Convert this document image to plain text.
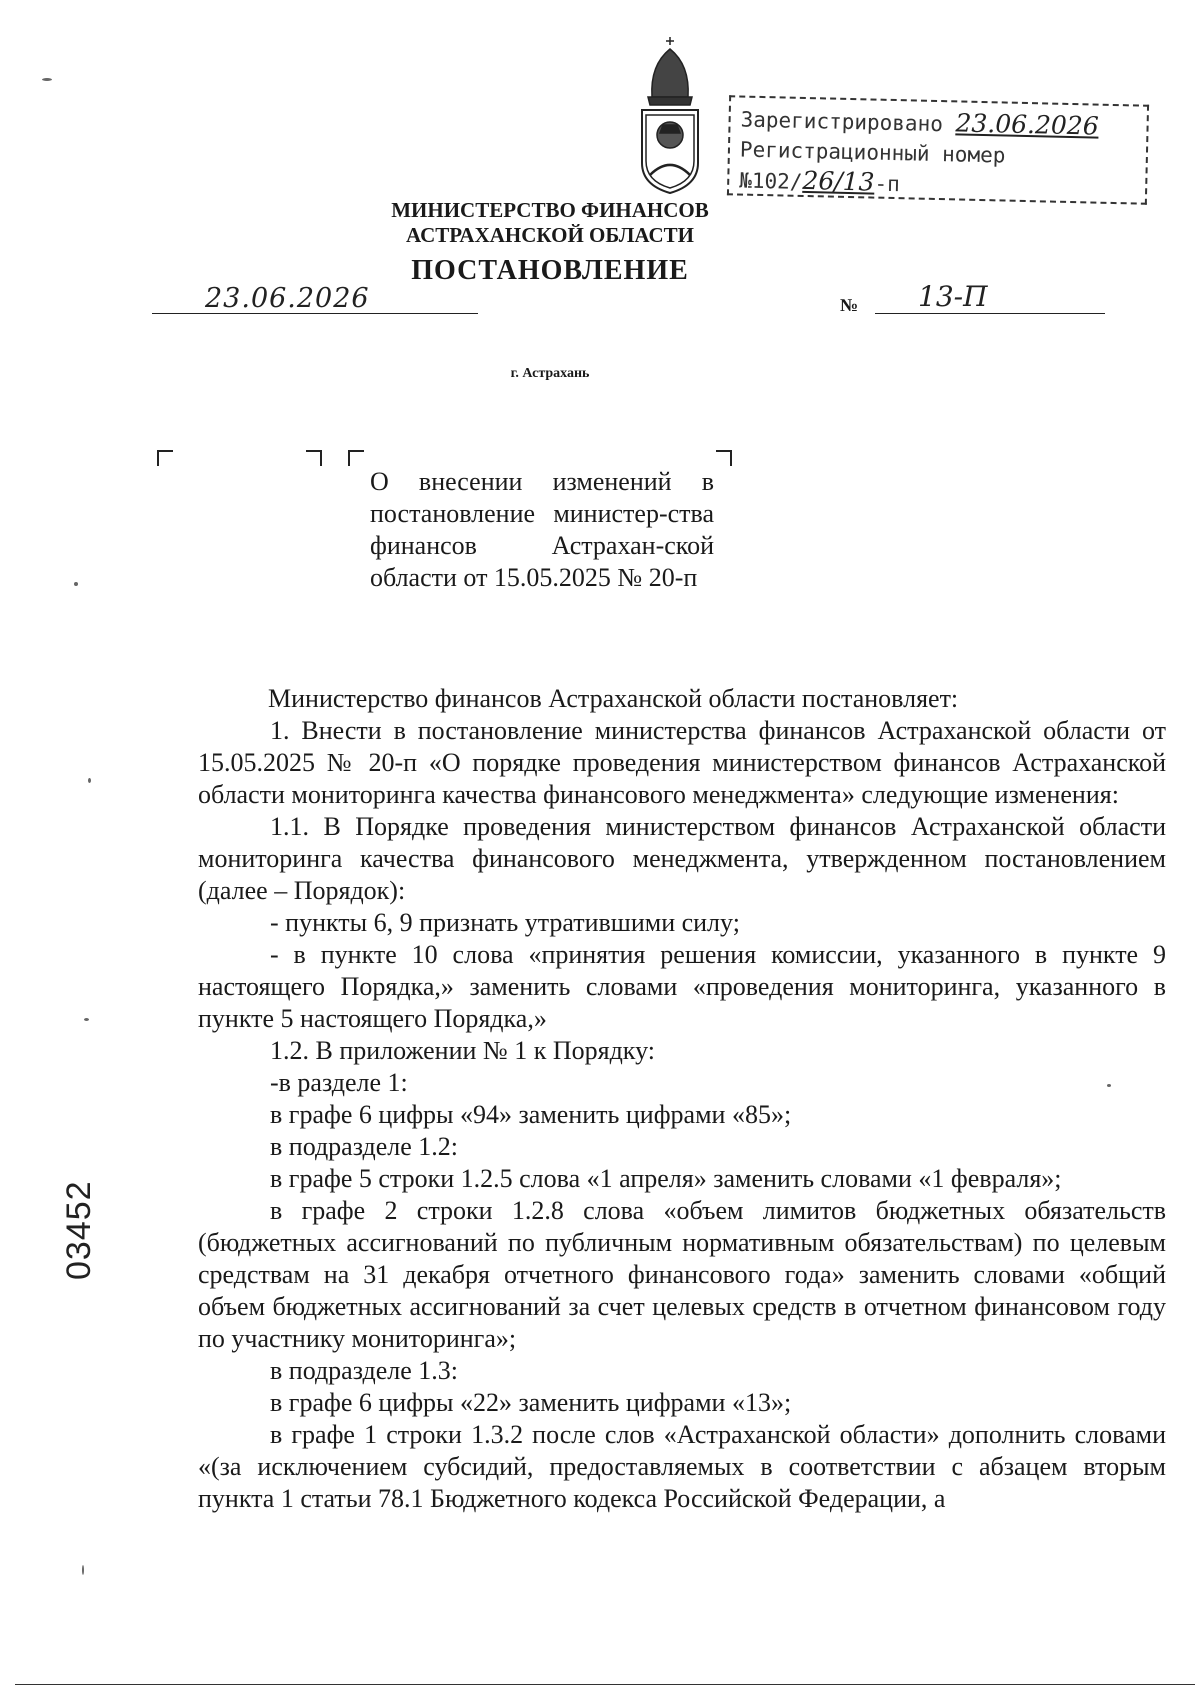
Зарегистрировано 23.06.2026
Регистрационный номер №102/26/13-п
МИНИСТЕРСТВО ФИНАНСОВ
АСТРАХАНСКОЙ ОБЛАСТИ
ПОСТАНОВЛЕНИЕ
23.06.2026	№ 13-П
г. Астрахань
О внесении изменений в постановление министер-ства финансов Астрахан-ской области от 15.05.2025 № 20-п

Министерство финансов Астраханской области постановляет:

1. Внести в постановление министерства финансов Астраханской области от 15.05.2025 № 20-п «О порядке проведения министерством финансов Астраханской области мониторинга качества финансового менеджмента» следующие изменения:

1.1. В Порядке проведения министерством финансов Астраханской области мониторинга качества финансового менеджмента, утвержденном постановлением (далее – Порядок):

- пункты 6, 9 признать утратившими силу;

- в пункте 10 слова «принятия решения комиссии, указанного в пункте 9 настоящего Порядка,» заменить словами «проведения мониторинга, указанного в пункте 5 настоящего Порядка,»

1.2. В приложении № 1 к Порядку:

-в разделе 1:

в графе 6 цифры «94» заменить цифрами «85»;

в подразделе 1.2:

в графе 5 строки 1.2.5 слова «1 апреля» заменить словами «1 февраля»;

в графе 2 строки 1.2.8 слова «объем лимитов бюджетных обязательств (бюджетных ассигнований по публичным нормативным обязательствам) по целевым средствам на 31 декабря отчетного финансового года» заменить словами «общий объем бюджетных ассигнований за счет целевых средств в отчетном финансовом году по участнику мониторинга»;

в подразделе 1.3:

в графе 6 цифры «22» заменить цифрами «13»;

в графе 1 строки 1.3.2 после слов «Астраханской области» дополнить словами «(за исключением субсидий, предоставляемых в соответствии с абзацем вторым пункта 1 статьи 78.1 Бюджетного кодекса Российской Федерации, а

03452
